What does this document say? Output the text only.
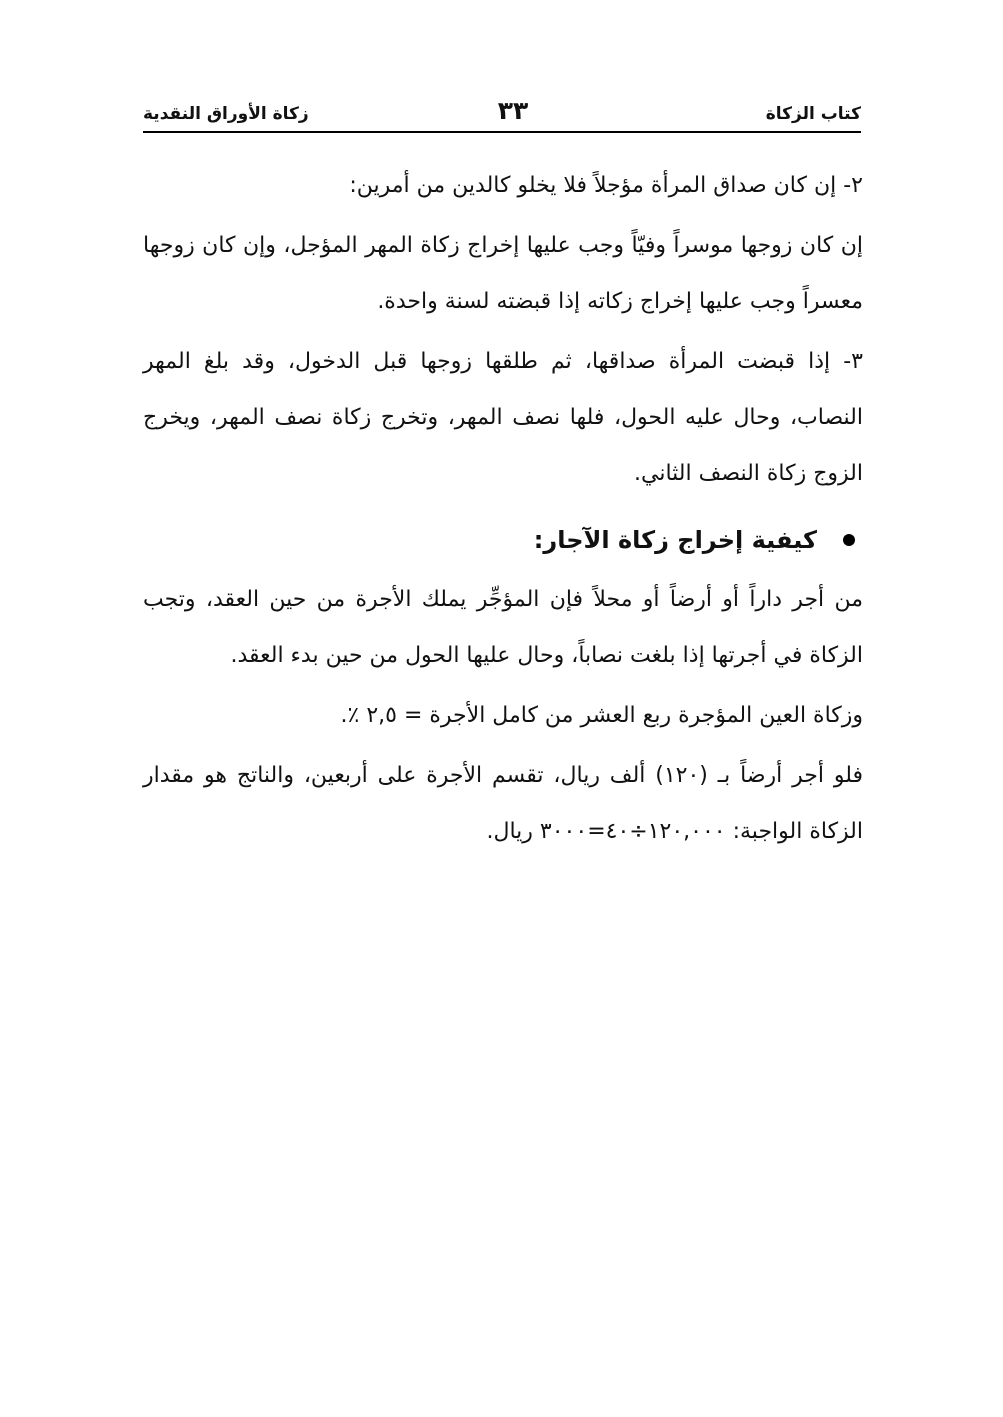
كتاب الزكاة
٣٣
زكاة الأوراق النقدية

٢- إن كان صداق المرأة مؤجلاً فلا يخلو كالدين من أمرين:

إن كان زوجها موسراً وفيّاً وجب عليها إخراج زكاة المهر المؤجل، وإن كان زوجها معسراً وجب عليها إخراج زكاته إذا قبضته لسنة واحدة.

٣- إذا قبضت المرأة صداقها، ثم طلقها زوجها قبل الدخول، وقد بلغ المهر النصاب، وحال عليه الحول، فلها نصف المهر، وتخرج زكاة نصف المهر، ويخرج الزوج زكاة النصف الثاني.

كيفية إخراج زكاة الآجار:

من أجر داراً أو أرضاً أو محلاً فإن المؤجِّر يملك الأجرة من حين العقد، وتجب الزكاة في أجرتها إذا بلغت نصاباً، وحال عليها الحول من حين بدء العقد.

وزكاة العين المؤجرة ربع العشر من كامل الأجرة = ٢,٥ ٪.

فلو أجر أرضاً بـ (١٢٠) ألف ريال، تقسم الأجرة على أربعين، والناتج هو مقدار الزكاة الواجبة: ١٢٠,٠٠٠÷٤٠=٣٠٠٠ ريال.
